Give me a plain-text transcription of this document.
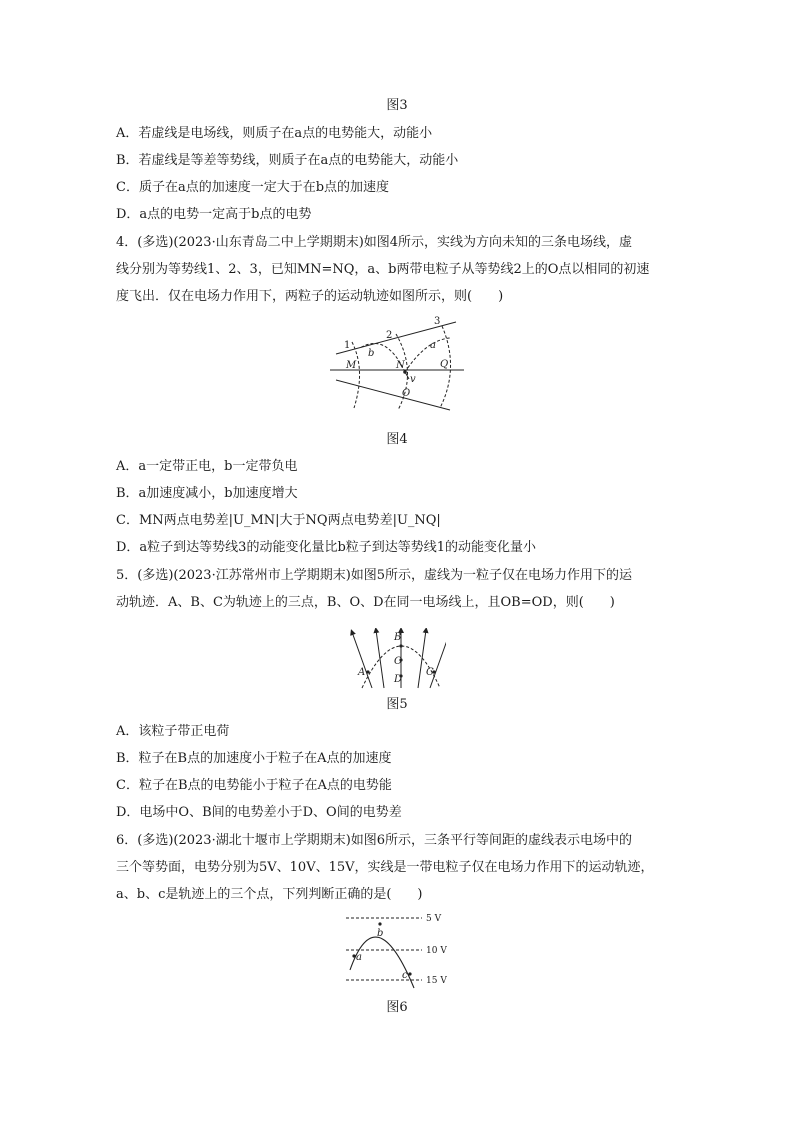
图3
A．若虚线是电场线，则质子在a点的电势能大，动能小
B．若虚线是等差等势线，则质子在a点的电势能大，动能小
C．质子在a点的加速度一定大于在b点的加速度
D．a点的电势一定高于b点的电势
4．(多选)(2023·山东青岛二中上学期期末)如图4所示，实线为方向未知的三条电场线，虚
线分别为等势线1、2、3，已知MN=NQ，a、b两带电粒子从等势线2上的O点以相同的初速
度飞出．仅在电场力作用下，两粒子的运动轨迹如图所示，则(　　)
1
2
3
b
a
M	N	Q
O
v
图4
A．a一定带正电，b一定带负电
B．a加速度减小，b加速度增大
C．MN两点电势差|U_MN|大于NQ两点电势差|U_NQ|
D．a粒子到达等势线3的动能变化量比b粒子到达等势线1的动能变化量小
5．(多选)(2023·江苏常州市上学期期末)如图5所示，虚线为一粒子仅在电场力作用下的运
动轨迹．A、B、C为轨迹上的三点，B、O、D在同一电场线上，且OB=OD，则(　　)
B
O
D
A	C
图5
A．该粒子带正电荷
B．粒子在B点的加速度小于粒子在A点的加速度
C．粒子在B点的电势能小于粒子在A点的电势能
D．电场中O、B间的电势差小于D、O间的电势差
6．(多选)(2023·湖北十堰市上学期期末)如图6所示，三条平行等间距的虚线表示电场中的
三个等势面，电势分别为5V、10V、15V，实线是一带电粒子仅在电场力作用下的运动轨迹，
a、b、c是轨迹上的三个点，下列判断正确的是(　　)
5 V
10 V
15 V
a
b
c
图6
